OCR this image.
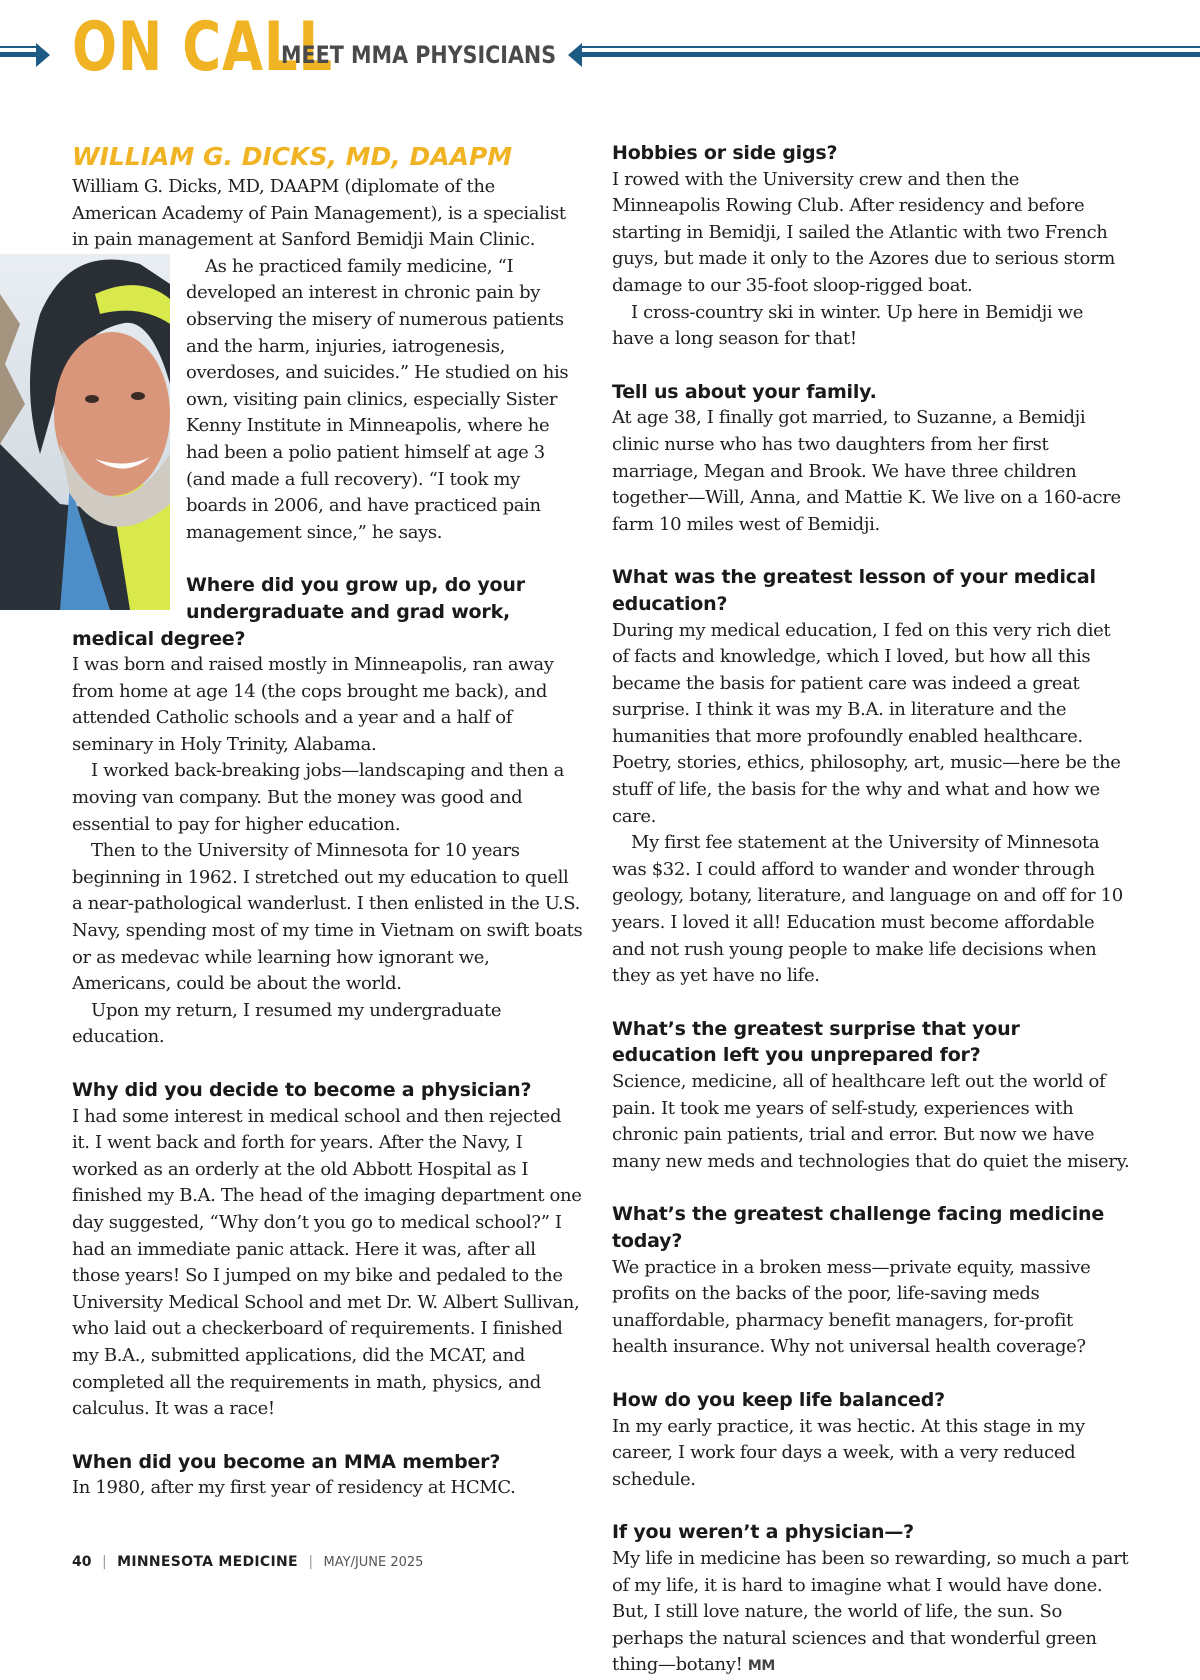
ON CALL
MEET MMA PHYSICIANS
WILLIAM G. DICKS, MD, DAAPM

William G. Dicks, MD, DAAPM (diplomate of the American Academy of Pain Management), is a specialist in pain management at Sanford Bemidji Main Clinic.

As he practiced family medicine, “I developed an interest in chronic pain by observing the misery of numerous patients and the harm, injuries, iatrogenesis, overdoses, and suicides.” He studied on his own, visiting pain clinics, especially Sister Kenny Institute in Minneapolis, where he had been a polio patient himself at age 3 (and made a full recovery). “I took my boards in 2006, and have practiced pain management since,” he says.

Where did you grow up, do your undergraduate and grad work, medical degree?

I was born and raised mostly in Minneapolis, ran away from home at age 14 (the cops brought me back), and attended Catholic schools and a year and a half of seminary in Holy Trinity, Alabama.

I worked back-breaking jobs—landscaping and then a moving van company. But the money was good and essential to pay for higher education.

Then to the University of Minnesota for 10 years beginning in 1962. I stretched out my education to quell a near-pathological wanderlust. I then enlisted in the U.S. Navy, spending most of my time in Vietnam on swift boats or as medevac while learning how ignorant we, Americans, could be about the world.

Upon my return, I resumed my undergraduate education.

Why did you decide to become a physician?

I had some interest in medical school and then rejected it. I went back and forth for years. After the Navy, I worked as an orderly at the old Abbott Hospital as I finished my B.A. The head of the imaging department one day suggested, “Why don’t you go to medical school?” I had an immediate panic attack. Here it was, after all those years! So I jumped on my bike and pedaled to the University Medical School and met Dr. W. Albert Sullivan, who laid out a checkerboard of requirements. I finished my B.A., submitted applications, did the MCAT, and completed all the requirements in math, physics, and calculus. It was a race!

When did you become an MMA member?

In 1980, after my first year of residency at HCMC.

Hobbies or side gigs?

I rowed with the University crew and then the Minneapolis Rowing Club. After residency and before starting in Bemidji, I sailed the Atlantic with two French guys, but made it only to the Azores due to serious storm damage to our 35-foot sloop-rigged boat.

I cross-country ski in winter. Up here in Bemidji we have a long season for that!

Tell us about your family.

At age 38, I finally got married, to Suzanne, a Bemidji clinic nurse who has two daughters from her first marriage, Megan and Brook. We have three children together—Will, Anna, and Mattie K. We live on a 160-acre farm 10 miles west of Bemidji.

What was the greatest lesson of your medical education?

During my medical education, I fed on this very rich diet of facts and knowledge, which I loved, but how all this became the basis for patient care was indeed a great surprise. I think it was my B.A. in literature and the humanities that more profoundly enabled healthcare. Poetry, stories, ethics, philosophy, art, music—here be the stuff of life, the basis for the why and what and how we care.

My first fee statement at the University of Minnesota was $32. I could afford to wander and wonder through geology, botany, literature, and language on and off for 10 years. I loved it all! Education must become affordable and not rush young people to make life decisions when they as yet have no life.

What’s the greatest surprise that your education left you unprepared for?

Science, medicine, all of healthcare left out the world of pain. It took me years of self-study, experiences with chronic pain patients, trial and error. But now we have many new meds and technologies that do quiet the misery.

What’s the greatest challenge facing medicine today?

We practice in a broken mess—private equity, massive profits on the backs of the poor, life-saving meds unaffordable, pharmacy benefit managers, for-profit health insurance. Why not universal health coverage?

How do you keep life balanced?

In my early practice, it was hectic. At this stage in my career, I work four days a week, with a very reduced schedule.

If you weren’t a physician—?

My life in medicine has been so rewarding, so much a part of my life, it is hard to imagine what I would have done. But, I still love nature, the world of life, the sun. So perhaps the natural sciences and that wonderful green thing—botany! MM

40 | MINNESOTA MEDICINE | MAY/JUNE 2025
